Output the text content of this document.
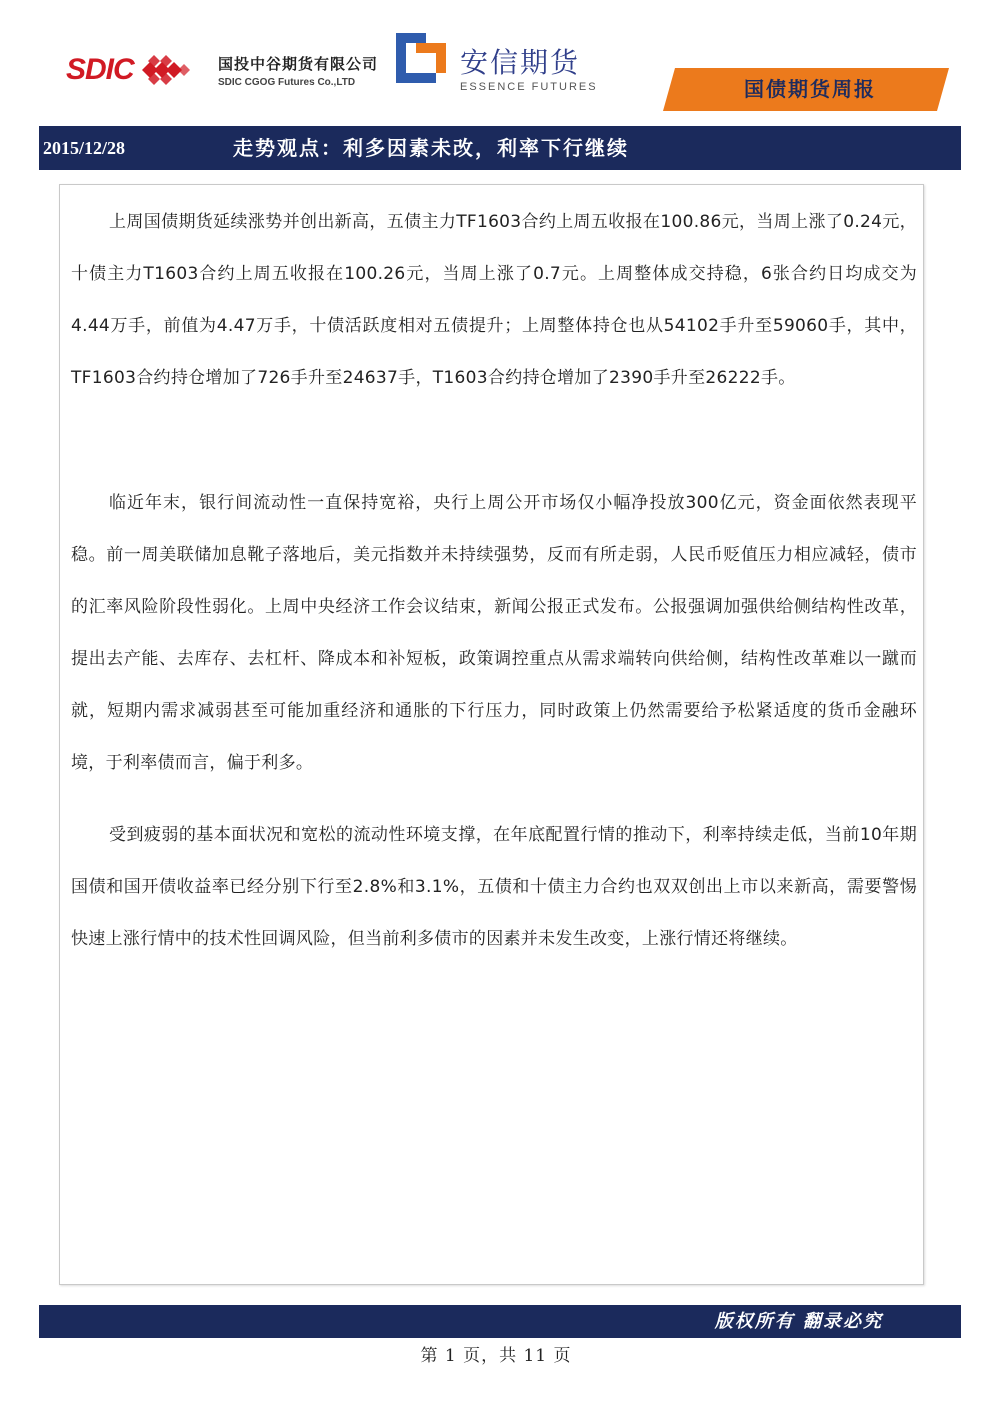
SDIC	国投中谷期货有限公司
SDIC CGOG Futures Co.,LTD
安信期货
ESSENCE FUTURES	国债期货周报
2015/12/28	走势观点：利多因素未改，利率下行继续

上周国债期货延续涨势并创出新高，五债主力TF1603合约上周五收报在100.86元，当周上涨了0.24元，十债主力T1603合约上周五收报在100.26元，当周上涨了0.7元。上周整体成交持稳，6张合约日均成交为4.44万手，前值为4.47万手，十债活跃度相对五债提升；上周整体持仓也从54102手升至59060手，其中，TF1603合约持仓增加了726手升至24637手，T1603合约持仓增加了2390手升至26222手。

临近年末，银行间流动性一直保持宽裕，央行上周公开市场仅小幅净投放300亿元，资金面依然表现平稳。前一周美联储加息靴子落地后，美元指数并未持续强势，反而有所走弱，人民币贬值压力相应减轻，债市的汇率风险阶段性弱化。上周中央经济工作会议结束，新闻公报正式发布。公报强调加强供给侧结构性改革，提出去产能、去库存、去杠杆、降成本和补短板，政策调控重点从需求端转向供给侧，结构性改革难以一蹴而就，短期内需求减弱甚至可能加重经济和通胀的下行压力，同时政策上仍然需要给予松紧适度的货币金融环境，于利率债而言，偏于利多。

受到疲弱的基本面状况和宽松的流动性环境支撑，在年底配置行情的推动下，利率持续走低，当前10年期国债和国开债收益率已经分别下行至2.8%和3.1%，五债和十债主力合约也双双创出上市以来新高，需要警惕快速上涨行情中的技术性回调风险，但当前利多债市的因素并未发生改变，上涨行情还将继续。

版权所有 翻录必究
第 1 页，共 11 页
